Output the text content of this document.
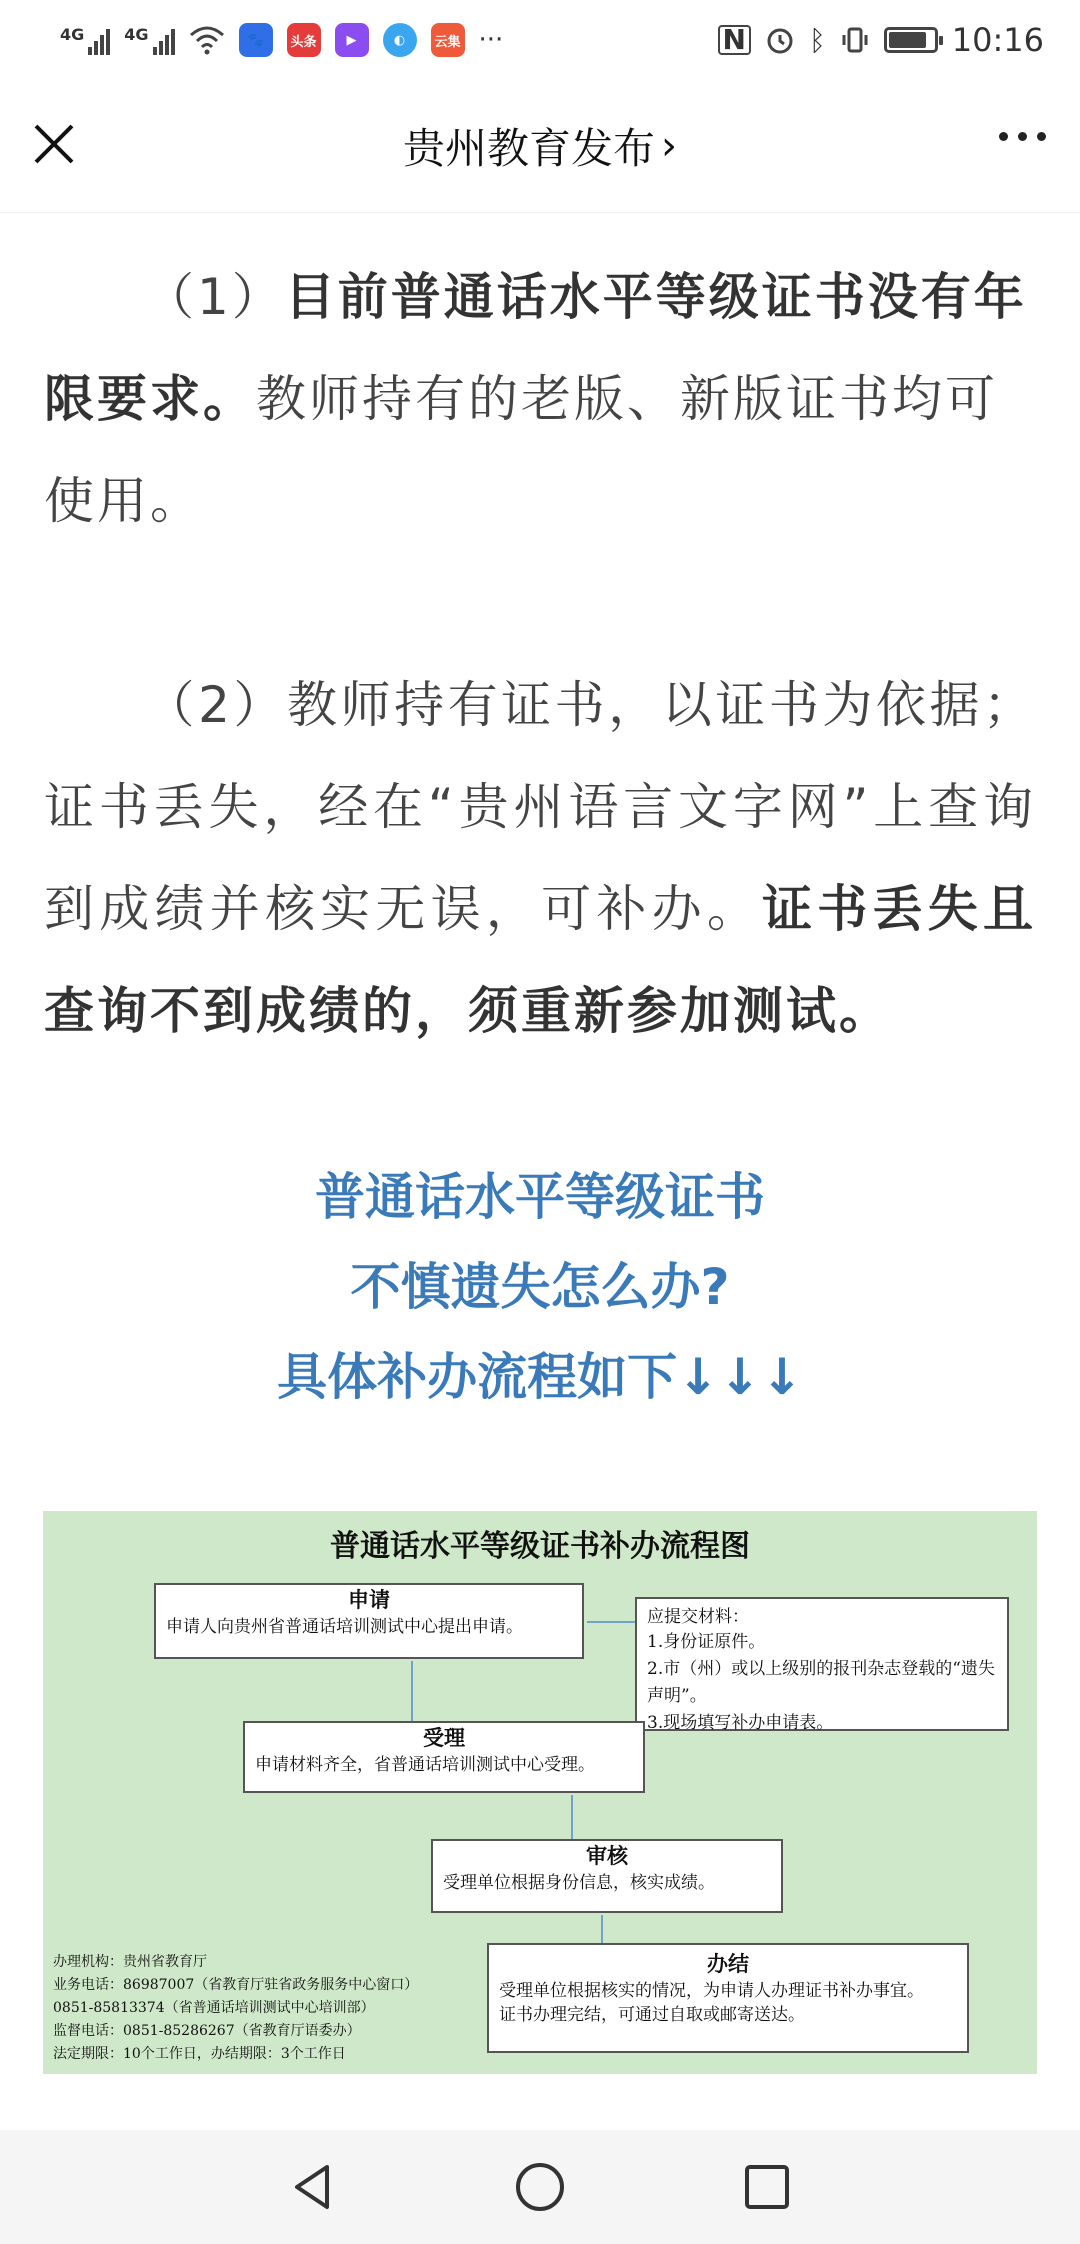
4G	4G	🐾	头条	▶	◐	云集 ···	N ᛒ	10:16
贵州教育发布 ›

（1）目前普通话水平等级证书没有年限要求。教师持有的老版、新版证书均可使用。

（2）教师持有证书，以证书为依据；证书丢失，经在“贵州语言文字网”上查询到成绩并核实无误，可补办。证书丢失且查询不到成绩的，须重新参加测试。

普通话水平等级证书
不慎遗失怎么办?
具体补办流程如下↓↓↓
普通话水平等级证书补办流程图
申请
申请人向贵州省普通话培训测试中心提出申请。	应提交材料：
1.身份证原件。
2.市（州）或以上级别的报刊杂志登载的“遗失声明”。
3.现场填写补办申请表。
受理
申请材料齐全，省普通话培训测试中心受理。
审核
受理单位根据身份信息，核实成绩。
办结
受理单位根据核实的情况，为申请人办理证书补办事宜。
证书办理完结，可通过自取或邮寄送达。
办理机构：贵州省教育厅
业务电话：86987007（省教育厅驻省政务服务中心窗口）
0851-85813374（省普通话培训测试中心培训部）
监督电话：0851-85286267（省教育厅语委办）
法定期限：10个工作日，办结期限：3个工作日
